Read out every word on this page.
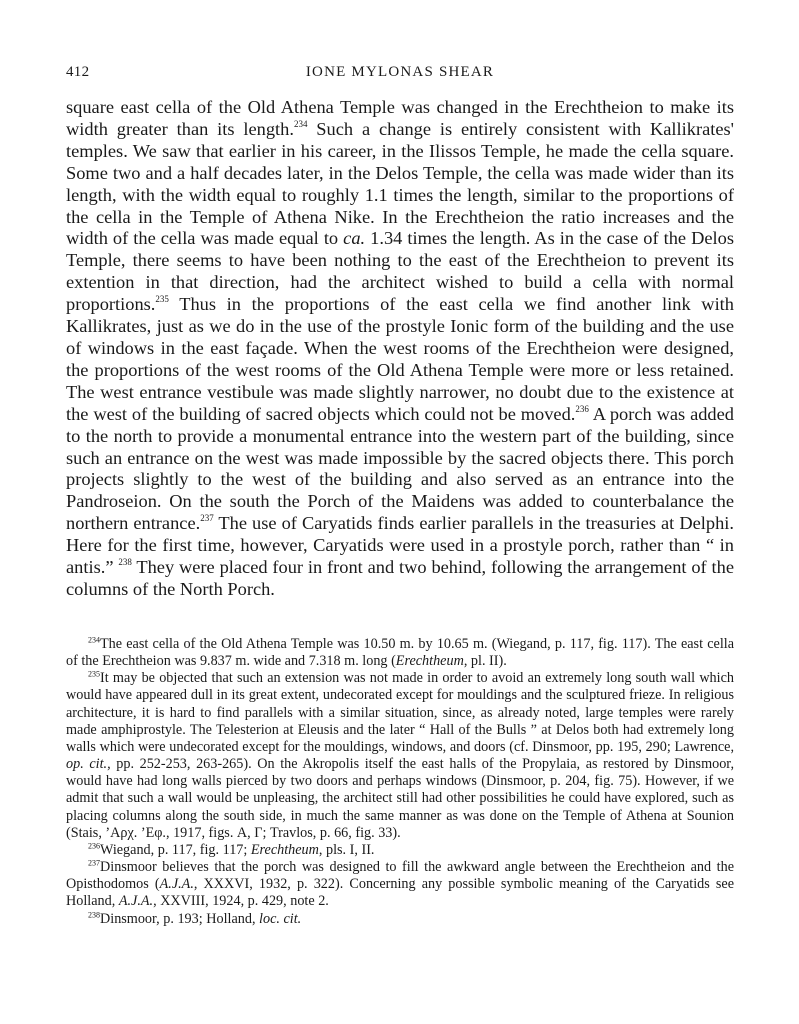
412	IONE MYLONAS SHEAR

square east cella of the Old Athena Temple was changed in the Erechtheion to make its width greater than its length.$^{234}$ Such a change is entirely consistent with Kallikrates' temples. We saw that earlier in his career, in the Ilissos Temple, he made the cella square. Some two and a half decades later, in the Delos Temple, the cella was made wider than its length, with the width equal to roughly 1.1 times the length, similar to the proportions of the cella in the Temple of Athena Nike. In the Erechtheion the ratio increases and the width of the cella was made equal to ca. 1.34 times the length. As in the case of the Delos Temple, there seems to have been nothing to the east of the Erechtheion to prevent its extention in that direction, had the architect wished to build a cella with normal proportions.$^{235}$ Thus in the proportions of the east cella we find another link with Kallikrates, just as we do in the use of the prostyle Ionic form of the building and the use of windows in the east façade. When the west rooms of the Erechtheion were designed, the proportions of the west rooms of the Old Athena Temple were more or less retained. The west entrance vestibule was made slightly narrower, no doubt due to the existence at the west of the building of sacred objects which could not be moved.$^{236}$ A porch was added to the north to provide a monumental entrance into the western part of the building, since such an entrance on the west was made impossible by the sacred objects there. This porch projects slightly to the west of the building and also served as an entrance into the Pandroseion. On the south the Porch of the Maidens was added to counterbalance the northern entrance.$^{237}$ The use of Caryatids finds earlier parallels in the treasuries at Delphi. Here for the first time, however, Caryatids were used in a prostyle porch, rather than “ in antis.” $^{238}$ They were placed four in front and two behind, following the arrangement of the columns of the North Porch.

$^{234}$The east cella of the Old Athena Temple was 10.50 m. by 10.65 m. (Wiegand, p. 117, fig. 117). The east cella of the Erechtheion was 9.837 m. wide and 7.318 m. long (Erechtheum, pl. II).

$^{235}$It may be objected that such an extension was not made in order to avoid an extremely long south wall which would have appeared dull in its great extent, undecorated except for mouldings and the sculptured frieze. In religious architecture, it is hard to find parallels with a similar situation, since, as already noted, large temples were rarely made amphiprostyle. The Telesterion at Eleusis and the later “ Hall of the Bulls ” at Delos both had extremely long walls which were undecorated except for the mouldings, windows, and doors (cf. Dinsmoor, pp. 195, 290; Lawrence, op. cit., pp. 252-253, 263-265). On the Akropolis itself the east halls of the Propylaia, as restored by Dinsmoor, would have had long walls pierced by two doors and perhaps windows (Dinsmoor, p. 204, fig. 75). However, if we admit that such a wall would be unpleasing, the architect still had other possibilities he could have explored, such as placing columns along the south side, in much the same manner as was done on the Temple of Athena at Sounion (Stais, ’Αρχ. ’Εφ., 1917, figs. Α, Γ; Travlos, p. 66, fig. 33).

$^{236}$Wiegand, p. 117, fig. 117; Erechtheum, pls. I, II.

$^{237}$Dinsmoor believes that the porch was designed to fill the awkward angle between the Erechtheion and the Opisthodomos (A.J.A., XXXVI, 1932, p. 322). Concerning any possible symbolic meaning of the Caryatids see Holland, A.J.A., XXVIII, 1924, p. 429, note 2.

$^{238}$Dinsmoor, p. 193; Holland, loc. cit.
